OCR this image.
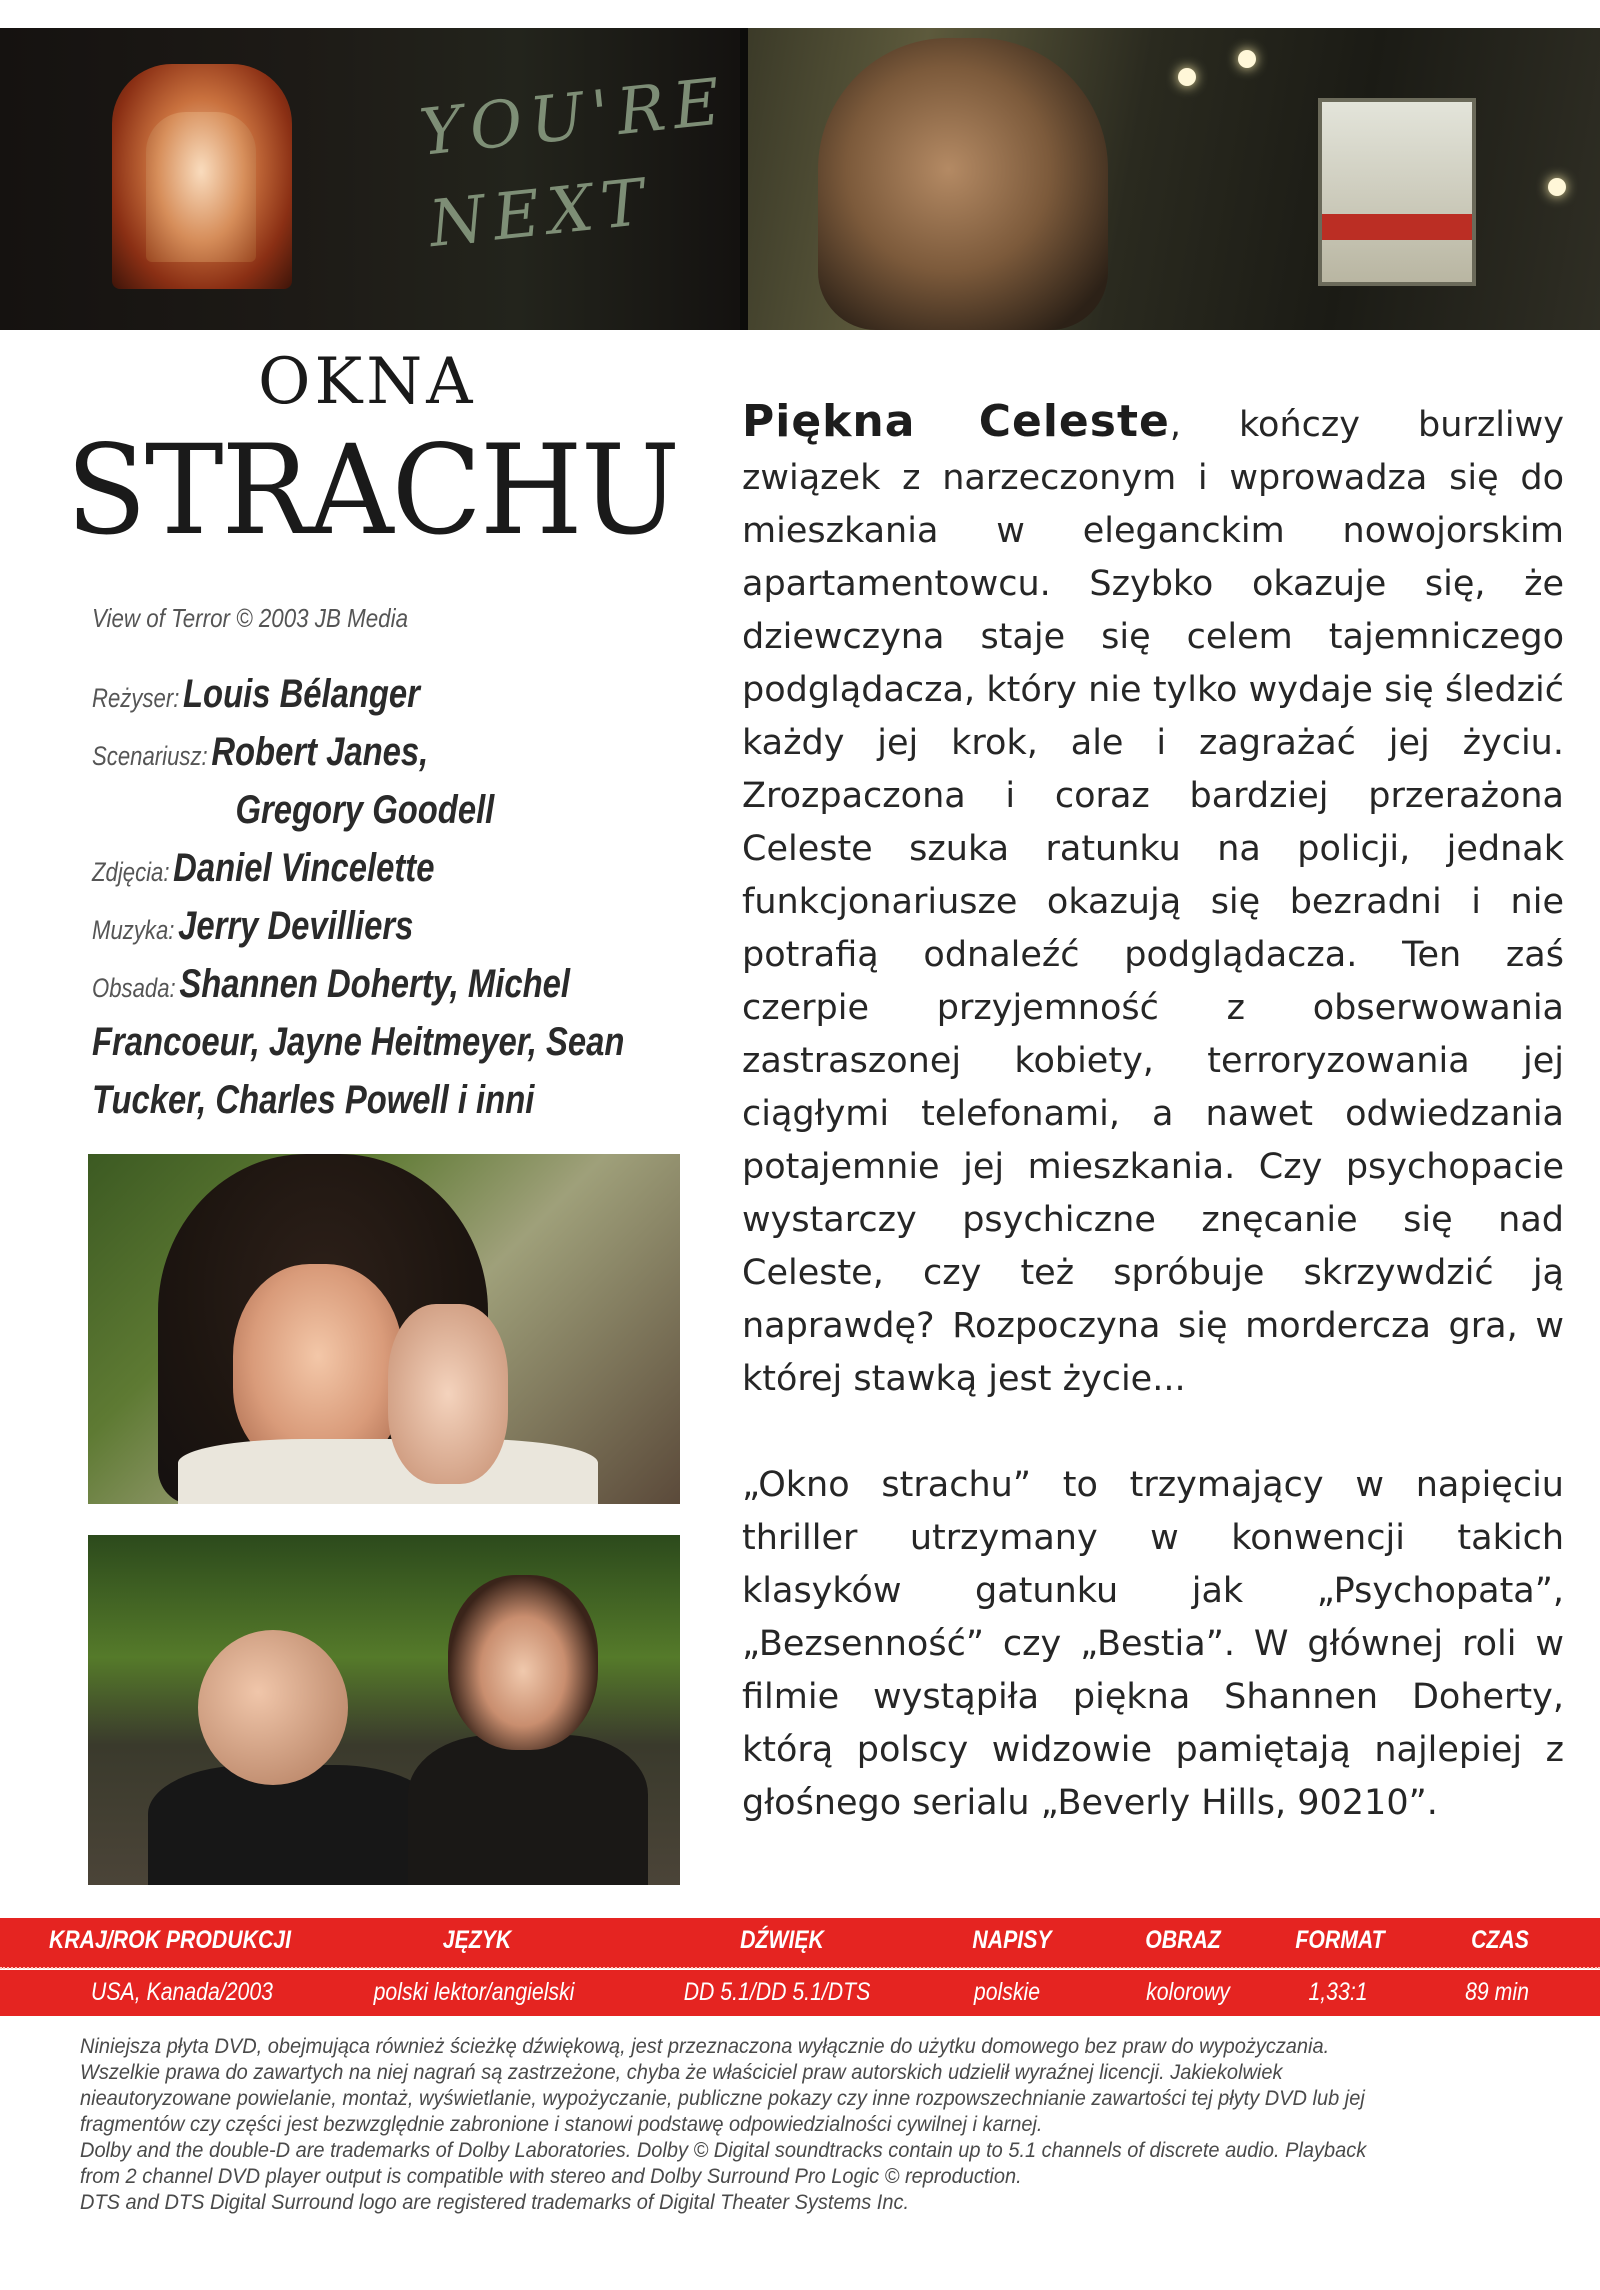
YOU'RE
NEXT
OKNA
STRACHU
View of Terror © 2003 JB Media
Reżyser: Louis Bélanger
Scenariusz: Robert Janes,
Gregory Goodell
Zdjęcia: Daniel Vincelette
Muzyka: Jerry Devilliers
Obsada: Shannen Doherty, Michel
Francoeur, Jayne Heitmeyer, Sean
Tucker, Charles Powell i inni

Piękna Celeste, kończy burzliwy związek z narzeczonym i wprowadza się do mieszkania w eleganckim nowojorskim apartamentowcu. Szybko okazuje się, że dziewczyna staje się celem tajemniczego podglądacza, który nie tylko wydaje się śledzić każdy jej krok, ale i zagrażać jej życiu. Zrozpaczona i coraz bardziej przerażona Celeste szuka ratunku na policji, jednak funkcjonariusze okazują się bezradni i nie potrafią odnaleźć podglądacza. Ten zaś czerpie przyjemność z obserwowania zastraszonej kobiety, terroryzowania jej ciągłymi telefonami, a nawet odwiedzania potajemnie jej mieszkania. Czy psychopacie wystarczy psychiczne znęcanie się nad Celeste, czy też spróbuje skrzywdzić ją naprawdę? Rozpoczyna się mordercza gra, w której stawką jest życie...

„Okno strachu” to trzymający w napięciu thriller utrzymany w konwencji takich klasyków gatunku jak „Psychopata”, „Bezsenność” czy „Bestia”. W głównej roli w filmie wystąpiła piękna Shannen Doherty, którą polscy widzowie pamiętają najlepiej z głośnego serialu „Beverly Hills, 90210”.

KRAJ/ROK PRODUKCJI	JĘZYK	DŹWIĘK	NAPISY	OBRAZ	FORMAT	CZAS
USA, Kanada/2003	polski lektor/angielski	DD 5.1/DD 5.1/DTS	polskie	kolorowy	1,33:1	89 min

Niniejsza płyta DVD, obejmująca również ścieżkę dźwiękową, jest przeznaczona wyłącznie do użytku domowego bez praw do wypożyczania.

Wszelkie prawa do zawartych na niej nagrań są zastrzeżone, chyba że właściciel praw autorskich udzielił wyraźnej licencji. Jakiekolwiek

nieautoryzowane powielanie, montaż, wyświetlanie, wypożyczanie, publiczne pokazy czy inne rozpowszechnianie zawartości tej płyty DVD lub jej

fragmentów czy części jest bezwzględnie zabronione i stanowi podstawę odpowiedzialności cywilnej i karnej.

Dolby and the double-D are trademarks of Dolby Laboratories. Dolby © Digital soundtracks contain up to 5.1 channels of discrete audio. Playback

from 2 channel DVD player output is compatible with stereo and Dolby Surround Pro Logic © reproduction.

DTS and DTS Digital Surround logo are registered trademarks of Digital Theater Systems Inc.
